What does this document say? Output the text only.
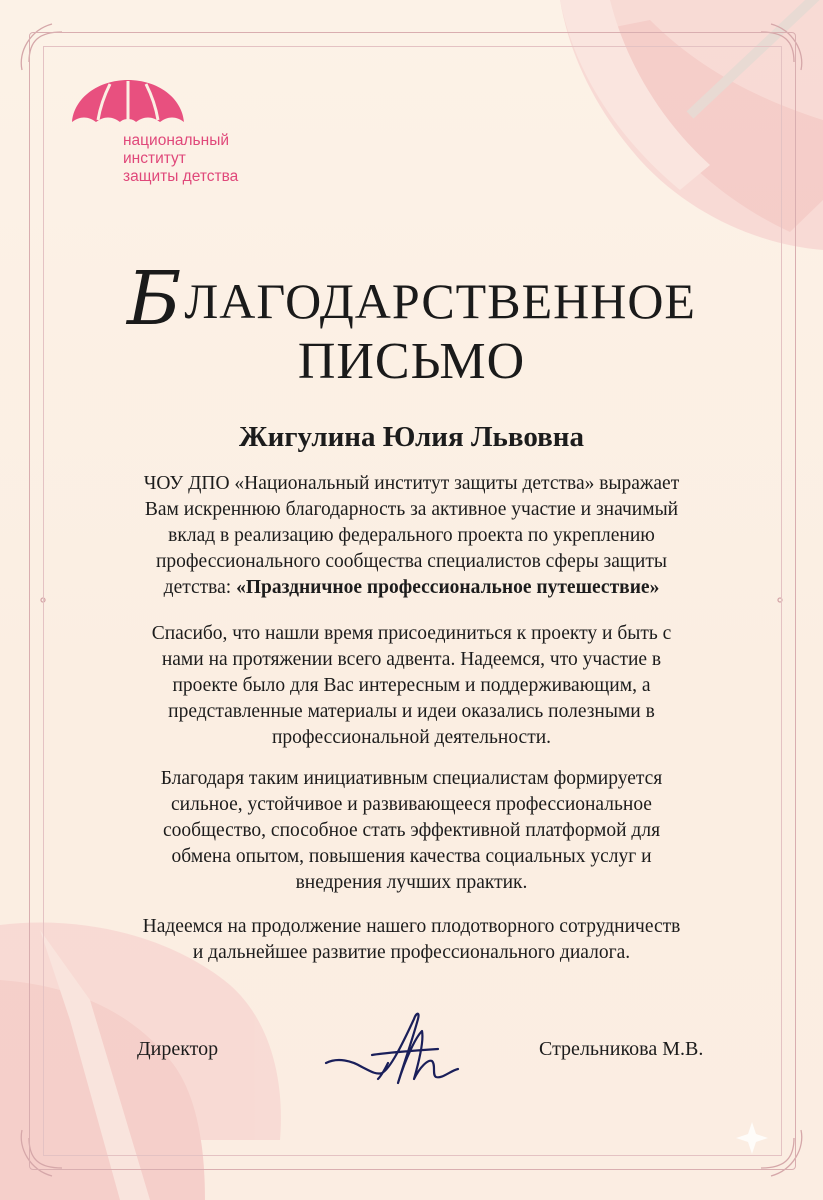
национальный
институт
защиты детства
БЛАГОДАРСТВЕННОЕ
ПИСЬМО
Жигулина Юлия Львовна
ЧОУ ДПО «Национальный институт защиты детства» выражает
Вам искреннюю благодарность за активное участие и значимый
вклад в реализацию федерального проекта по укреплению
профессионального сообщества специалистов сферы защиты
детства: «Праздничное профессиональное путешествие»
Спасибо, что нашли время присоединиться к проекту и быть с
нами на протяжении всего адвента. Надеемся, что участие в
проекте было для Вас интересным и поддерживающим, а
представленные материалы и идеи оказались полезными в
профессиональной деятельности.
Благодаря таким инициативным специалистам формируется
сильное, устойчивое и развивающееся профессиональное
сообщество, способное стать эффективной платформой для
обмена опытом, повышения качества социальных услуг и
внедрения лучших практик.
Надеемся на продолжение нашего плодотворного сотрудничеств
и дальнейшее развитие профессионального диалога.
Директор	Стрельникова М.В.
